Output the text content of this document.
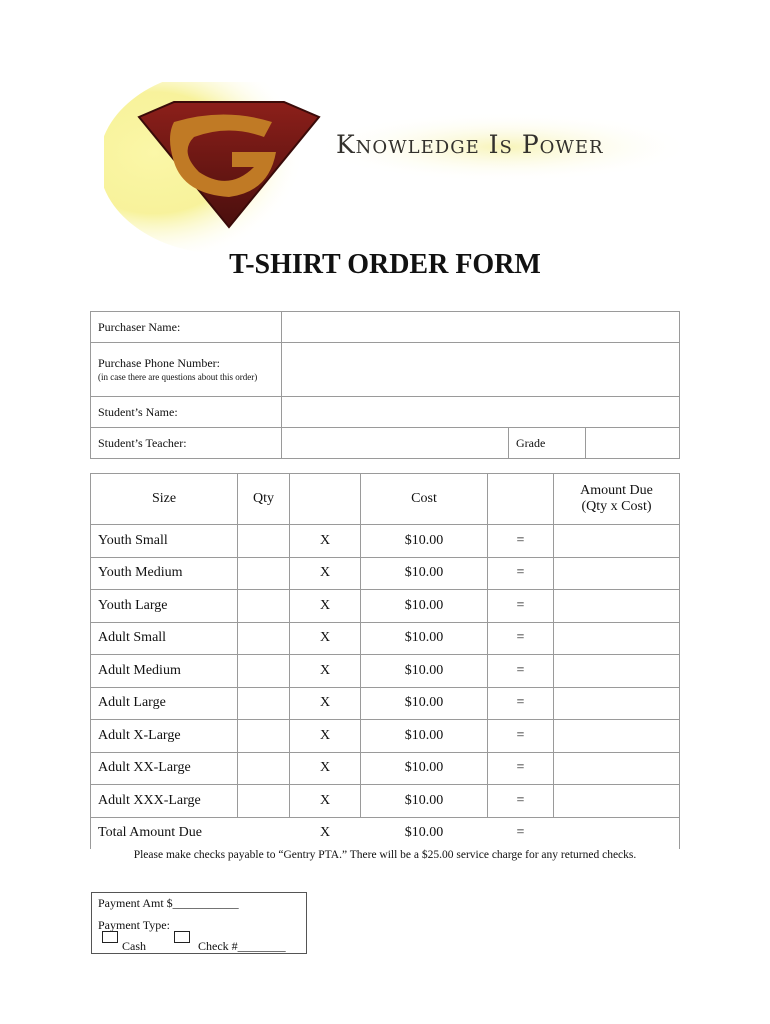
Knowledge Is Power
T-SHIRT ORDER FORM
Purchaser Name:			
Purchase Phone Number:
(in case there are questions about this order)			

Student’s Name:			
Student’s Teacher:		Grade	
Size	Qty		Cost		Amount Due
(Qty x Cost)

Youth Small		X	$10.00	=	
Youth Medium		X	$10.00	=	
Youth Large		X	$10.00	=	
Adult Small		X	$10.00	=	
Adult Medium		X	$10.00	=	
Adult Large		X	$10.00	=	
Adult X-Large		X	$10.00	=	
Adult XX-Large		X	$10.00	=	
Adult XXX-Large		X	$10.00	=	
Total Amount Due		X	$10.00	=	
Please make checks payable to “Gentry PTA.” There will be a $25.00 service charge for any returned checks.
Payment Amt $___________
Payment Type:
Cash	Check #________
